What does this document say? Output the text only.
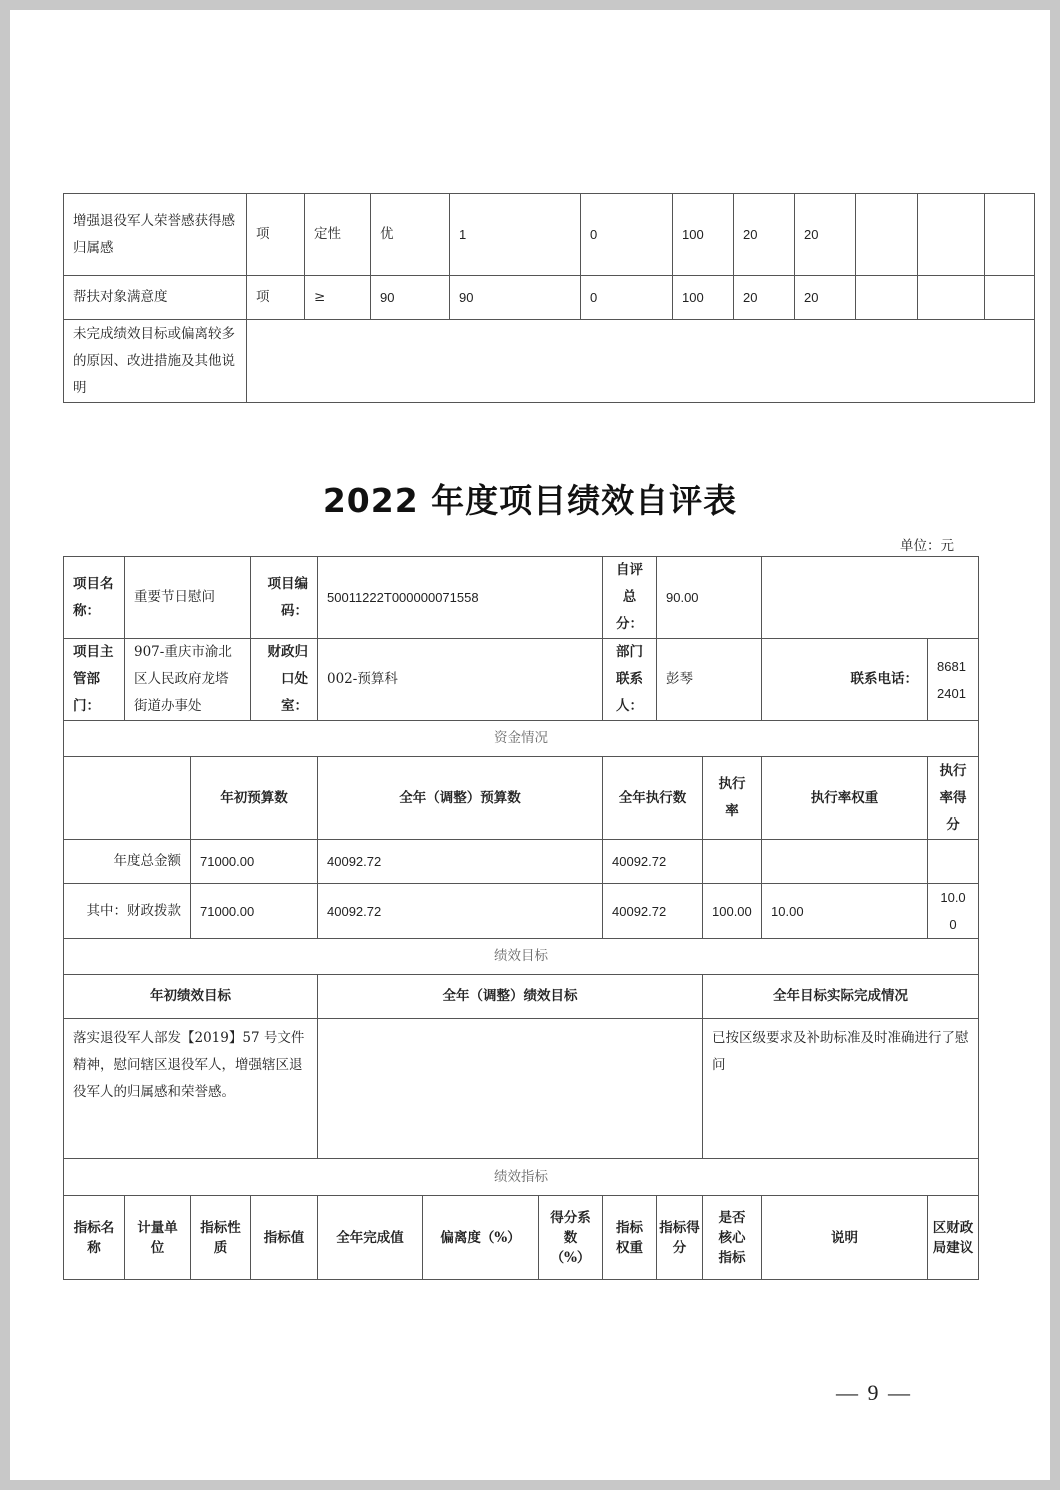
增强退役军人荣誉感获得感归属感	项	定性	优	1	0	100	20	20			
帮扶对象满意度	项	≥	90	90	0	100	20	20			
未完成绩效目标或偏离较多的原因、改进措施及其他说明											
2022 年度项目绩效自评表
单位：元
项目名称：	重要节日慰问		项目编码：	50011222T000000071558			自评总分：	90.00			
项目主管部门：	907-重庆市渝北区人民政府龙塔街道办事处		财政归口处室：	002-预算科			部门联系人：	彭琴		联系电话：	86812401
资金情况											
		年初预算数		全年（调整）预算数			全年执行数		执行率	执行率权重	执行率得分
年度总金额		71000.00		40092.72			40092.72				
其中：财政拨款		71000.00		40092.72			40092.72		100.00	10.00	10.00
绩效目标											
年初绩效目标				全年（调整）绩效目标					全年目标实际完成情况		
落实退役军人部发【2019】57 号文件精神，慰问辖区退役军人，增强辖区退役军人的归属感和荣誉感。									已按区级要求及补助标准及时准确进行了慰问		
绩效指标											
指标名称	计量单位	指标性质	指标值	全年完成值	偏离度（%）	得分系数（%）	指标权重	指标得分	是否核心指标	说明	区财政局建议
— 9 —
